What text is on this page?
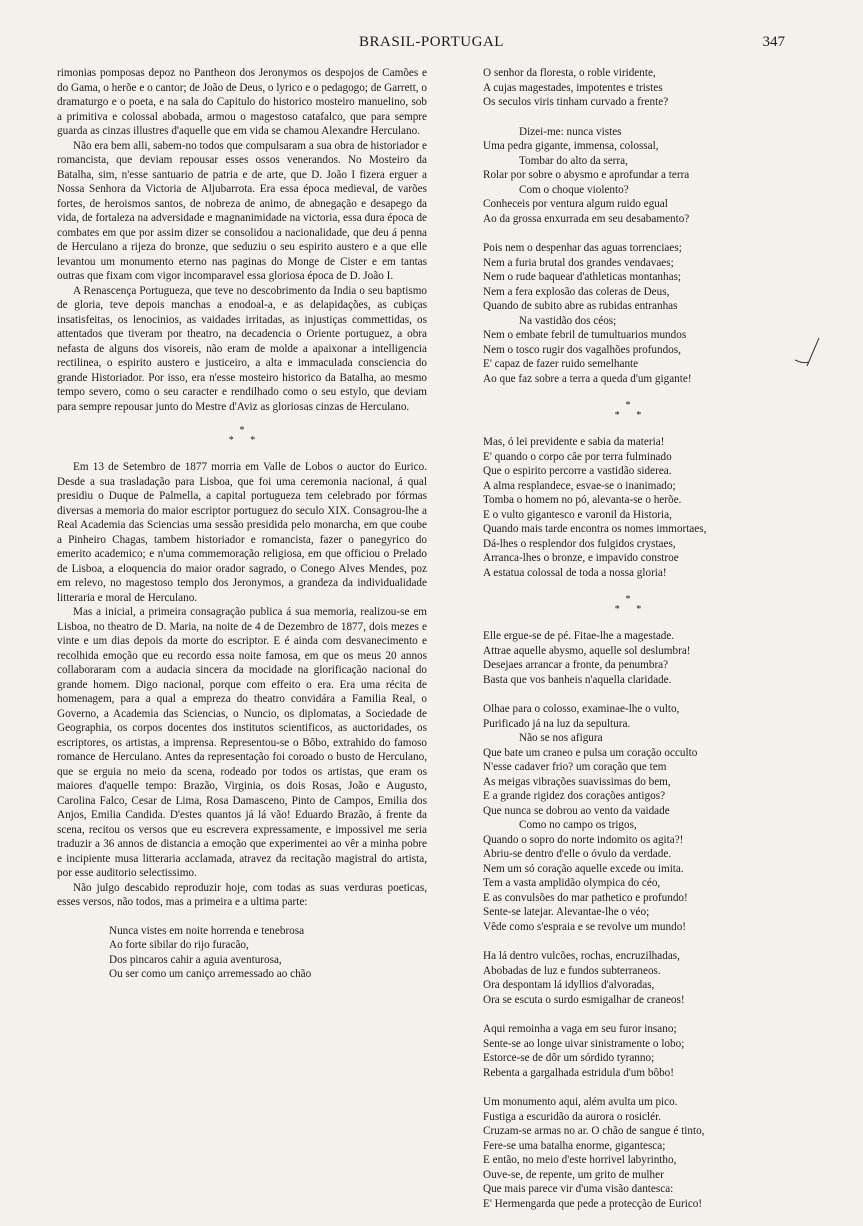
BRASIL-PORTUGAL	347

rimonias pomposas depoz no Pantheon dos Jeronymos os despojos de Camões e do Gama, o herõe e o cantor; de João de Deus, o lyrico e o pedagogo; de Garrett, o dramaturgo e o poeta, e na sala do Capitulo do historico mosteiro manuelino, sob a primitiva e colossal abobada, armou o magestoso catafalco, que para sempre guarda as cinzas illustres d'aquelle que em vida se chamou Alexandre Herculano.

Não era bem alli, sabem-no todos que compulsaram a sua obra de historiador e romancista, que deviam repousar esses ossos venerandos. No Mosteiro da Batalha, sim, n'esse santuario de patria e de arte, que D. João I fizera erguer a Nossa Senhora da Victoria de Aljubarrota. Era essa época medieval, de varões fortes, de heroismos santos, de nobreza de animo, de abnegação e desapego da vida, de fortaleza na adversidade e magnanimidade na victoria, essa dura época de combates em que por assim dizer se consolidou a nacionalidade, que deu á penna de Herculano a rijeza do bronze, que seduziu o seu espirito austero e a que elle levantou um monumento eterno nas paginas do Monge de Cister e em tantas outras que fixam com vigor incomparavel essa gloriosa época de D. João I.

A Renascença Portugueza, que teve no descobrimento da India o seu baptismo de gloria, teve depois manchas a enodoal-a, e as delapidações, as cubiças insatisfeitas, os lenocinios, as vaidades irritadas, as injustiças commettidas, os attentados que tiveram por theatro, na decadencia o Oriente portuguez, a obra nefasta de alguns dos visoreis, não eram de molde a apaixonar a intelligencia rectilinea, o espirito austero e justiceiro, a alta e immaculada consciencia do grande Historiador. Por isso, era n'esse mosteiro historico da Batalha, ao mesmo tempo severo, como o seu caracter e rendilhado como o seu estylo, que deviam para sempre repousar junto do Mestre d'Aviz as gloriosas cinzas de Herculano.

*
* *

Em 13 de Setembro de 1877 morria em Valle de Lobos o auctor do Eurico. Desde a sua trasladação para Lisboa, que foi uma ceremonia nacional, á qual presidiu o Duque de Palmella, a capital portugueza tem celebrado por fórmas diversas a memoria do maior escriptor portuguez do seculo XIX. Consagrou-lhe a Real Academia das Sciencias uma sessão presidida pelo monarcha, em que coube a Pinheiro Chagas, tambem historiador e romancista, fazer o panegyrico do emerito academico; e n'uma commemoração religiosa, em que officiou o Prelado de Lisboa, a eloquencia do maior orador sagrado, o Conego Alves Mendes, poz em relevo, no magestoso templo dos Jeronymos, a grandeza da individualidade litteraria e moral de Herculano.

Mas a inicial, a primeira consagração publica á sua memoria, realizou-se em Lisboa, no theatro de D. Maria, na noite de 4 de Dezembro de 1877, dois mezes e vinte e um dias depois da morte do escriptor. E é ainda com desvanecimento e recolhida emoção que eu recordo essa noite famosa, em que os meus 20 annos collaboraram com a audacia sincera da mocidade na glorificação nacional do grande homem. Digo nacional, porque com effeito o era. Era uma récita de homenagem, para a qual a empreza do theatro convidára a Familia Real, o Governo, a Academia das Sciencias, o Nuncio, os diplomatas, a Sociedade de Geographia, os corpos docentes dos institutos scientificos, as auctoridades, os escriptores, os artistas, a imprensa. Representou-se o Bôbo, extrahido do famoso romance de Herculano. Antes da representação foi coroado o busto de Herculano, que se erguia no meio da scena, rodeado por todos os artistas, que eram os maiores d'aquelle tempo: Brazão, Virginia, os dois Rosas, João e Augusto, Carolina Falco, Cesar de Lima, Rosa Damasceno, Pinto de Campos, Emilia dos Anjos, Emilia Candida. D'estes quantos já lá vão! Eduardo Brazão, á frente da scena, recitou os versos que eu escrevera expressamente, e impossivel me seria traduzir a 36 annos de distancia a emoção que experimentei ao vêr a minha pobre e incipiente musa litteraria acclamada, atravez da recitação magistral do artista, por esse auditorio selectissimo.

Não julgo descabido reproduzir hoje, com todas as suas verduras poeticas, esses versos, não todos, mas a primeira e a ultima parte:

Nunca vistes em noite horrenda e tenebrosa
Ao forte sibilar do rijo furacão,
Dos pincaros cahir a aguia aventurosa,
Ou ser como um caniço arremessado ao chão
O senhor da floresta, o roble viridente,
A cujas magestades, impotentes e tristes
Os seculos viris tinham curvado a frente?
Dizei-me: nunca vistes
Uma pedra gigante, immensa, colossal,
Tombar do alto da serra,
Rolar por sobre o abysmo e aprofundar a terra
Com o choque violento?
Conheceis por ventura algum ruido egual
Ao da grossa enxurrada em seu desabamento?
Pois nem o despenhar das aguas torrenciaes;
Nem a furia brutal dos grandes vendavaes;
Nem o rude baquear d'athleticas montanhas;
Nem a fera explosão das coleras de Deus,
Quando de subito abre as rubidas entranhas
Na vastidão dos céos;
Nem o embate febril de tumultuarios mundos
Nem o tosco rugir dos vagalhões profundos,
E' capaz de fazer ruido semelhante
Ao que faz sobre a terra a queda d'um gigante!
*
* *
Mas, ó lei previdente e sabia da materia!
E' quando o corpo câe por terra fulminado
Que o espirito percorre a vastidão siderea.
A alma resplandece, esvae-se o inanimado;
Tomba o homem no pó, alevanta-se o herõe.
E o vulto gigantesco e varonil da Historia,
Quando mais tarde encontra os nomes immortaes,
Dá-lhes o resplendor dos fulgidos crystaes,
Arranca-lhes o bronze, e impavido constroe
A estatua colossal de toda a nossa gloria!
*
* *
Elle ergue-se de pé. Fitae-lhe a magestade.
Attrae aquelle abysmo, aquelle sol deslumbra!
Desejaes arrancar a fronte, da penumbra?
Basta que vos banheis n'aquella claridade.
Olhae para o colosso, examinae-lhe o vulto,
Purificado já na luz da sepultura.
Não se nos afigura
Que bate um craneo e pulsa um coração occulto
N'esse cadaver frio? um coração que tem
As meigas vibrações suavissimas do bem,
E a grande rigidez dos corações antigos?
Que nunca se dobrou ao vento da vaidade
Como no campo os trigos,
Quando o sopro do norte indomito os agita?!
Abriu-se dentro d'elle o óvulo da verdade.
Nem um só coração aquelle excede ou imita.
Tem a vasta amplidão olympica do céo,
E as convulsões do mar pathetico e profundo!
Sente-se latejar. Alevantae-lhe o véo;
Vêde como s'espraia e se revolve um mundo!
Ha lá dentro vulcões, rochas, encruzilhadas,
Abobadas de luz e fundos subterraneos.
Ora despontam lá idyllios d'alvoradas,
Ora se escuta o surdo esmigalhar de craneos!
Aqui remoinha a vaga em seu furor insano;
Sente-se ao longe uivar sinistramente o lobo;
Estorce-se de dôr um sórdido tyranno;
Rebenta a gargalhada estridula d'um bôbo!
Um monumento aqui, além avulta um pico.
Fustiga a escuridão da aurora o rosiclér.
Cruzam-se armas no ar. O chão de sangue é tinto,
Fere-se uma batalha enorme, gigantesca;
E então, no meio d'este horrivel labyrintho,
Ouve-se, de repente, um grito de mulher
Que mais parece vir d'uma visão dantesca:
E' Hermengarda que pede a protecção de Eurico!
